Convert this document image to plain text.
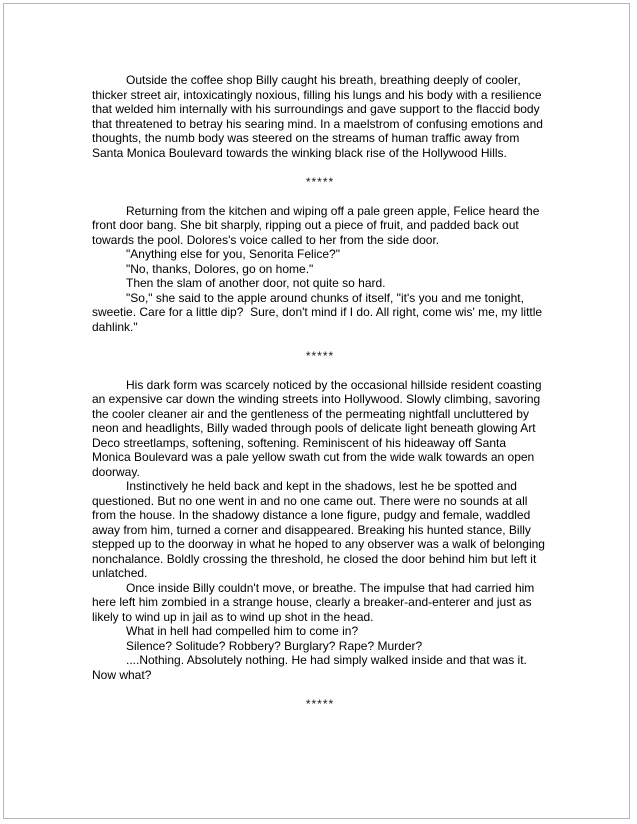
Outside the coffee shop Billy caught his breath, breathing deeply of cooler, thicker street air, intoxicatingly noxious, filling his lungs and his body with a resilience that welded him internally with his surroundings and gave support to the flaccid body that threatened to betray his searing mind. In a maelstrom of confusing emotions and thoughts, the numb body was steered on the streams of human traffic away from Santa Monica Boulevard towards the winking black rise of the Hollywood Hills.

*****

Returning from the kitchen and wiping off a pale green apple, Felice heard the front door bang. She bit sharply, ripping out a piece of fruit, and padded back out towards the pool. Dolores's voice called to her from the side door.

"Anything else for you, Senorita Felice?"

"No, thanks, Dolores, go on home."

Then the slam of another door, not quite so hard.

"So," she said to the apple around chunks of itself, "it's you and me tonight, sweetie. Care for a little dip?  Sure, don't mind if I do. All right, come wis' me, my little dahlink."

*****

His dark form was scarcely noticed by the occasional hillside resident coasting an expensive car down the winding streets into Hollywood. Slowly climbing, savoring the cooler cleaner air and the gentleness of the permeating nightfall uncluttered by neon and headlights, Billy waded through pools of delicate light beneath glowing Art Deco streetlamps, softening, softening. Reminiscent of his hideaway off Santa Monica Boulevard was a pale yellow swath cut from the wide walk towards an open doorway.

Instinctively he held back and kept in the shadows, lest he be spotted and questioned. But no one went in and no one came out. There were no sounds at all from the house. In the shadowy distance a lone figure, pudgy and female, waddled away from him, turned a corner and disappeared. Breaking his hunted stance, Billy stepped up to the doorway in what he hoped to any observer was a walk of belonging nonchalance. Boldly crossing the threshold, he closed the door behind him but left it unlatched.

Once inside Billy couldn't move, or breathe. The impulse that had carried him here left him zombied in a strange house, clearly a breaker-and-enterer and just as likely to wind up in jail as to wind up shot in the head.

What in hell had compelled him to come in?

Silence? Solitude? Robbery? Burglary? Rape? Murder?

....Nothing. Absolutely nothing. He had simply walked inside and that was it. Now what?

*****
